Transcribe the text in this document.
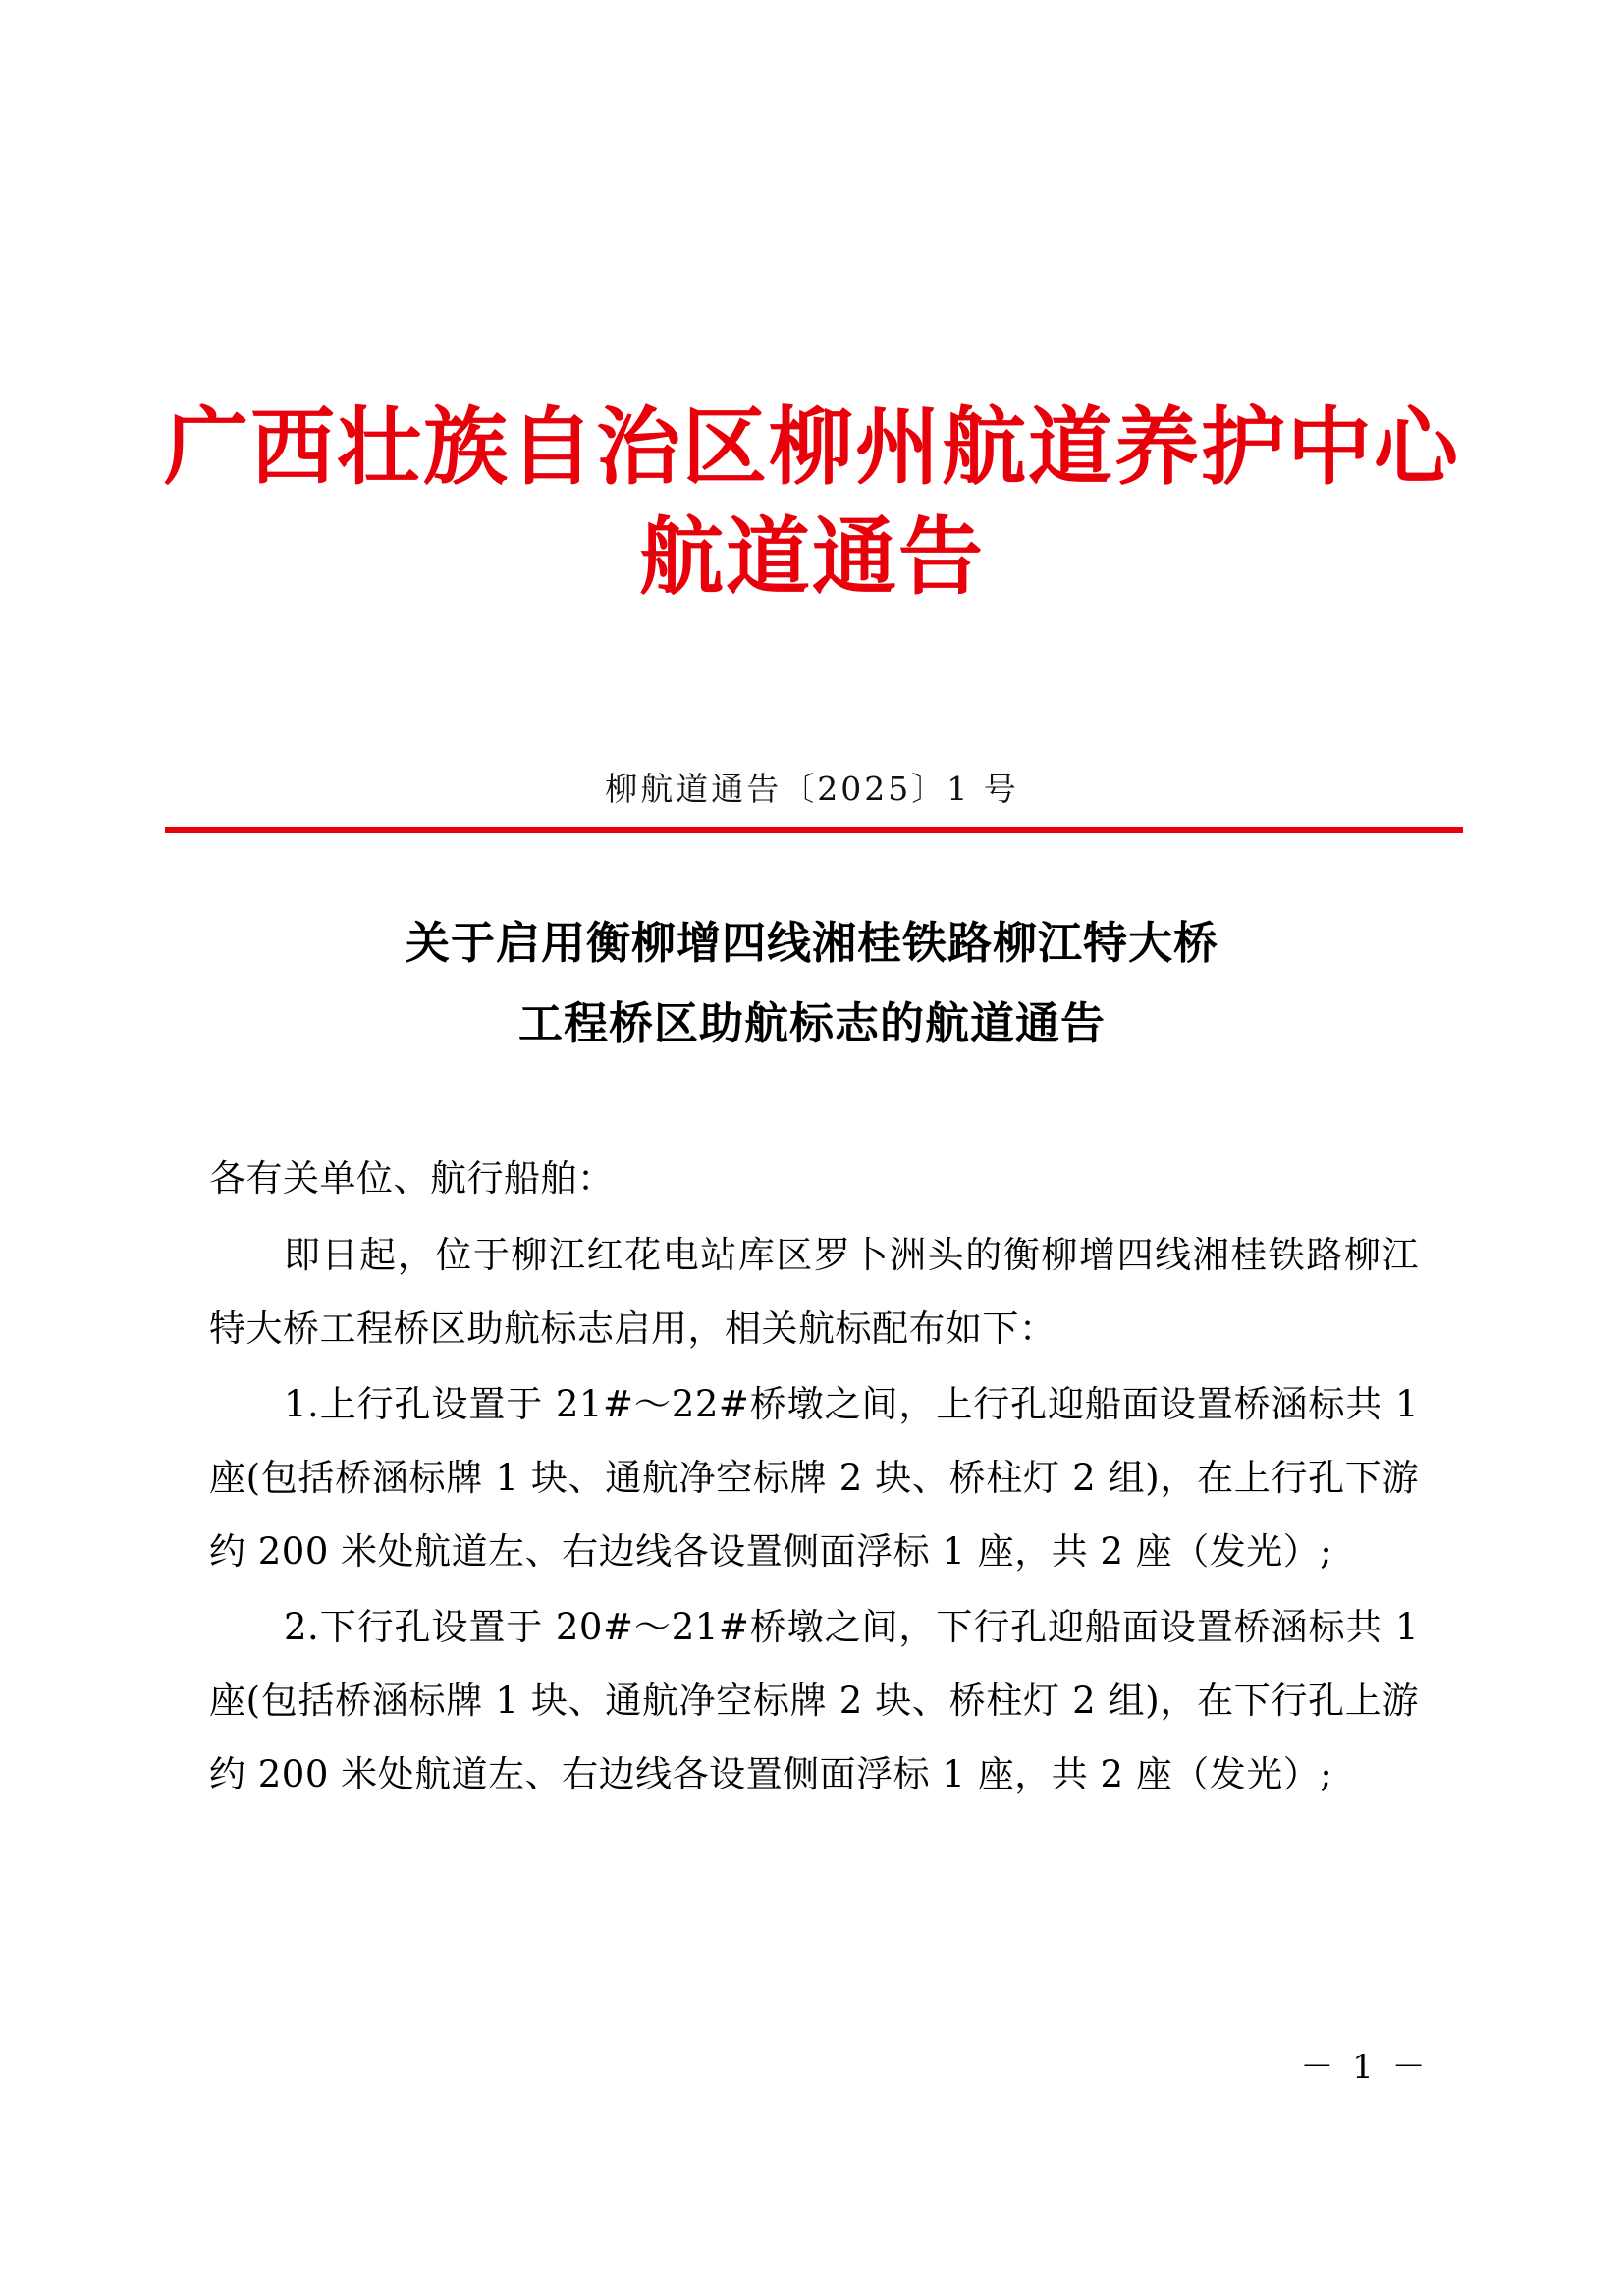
广西壮族自治区柳州航道养护中心
航道通告
柳航道通告〔2025〕1 号
关于启用衡柳增四线湘桂铁路柳江特大桥
工程桥区助航标志的航道通告

各有关单位、航行船舶：

即日起，位于柳江红花电站库区罗卜洲头的衡柳增四线湘桂铁路柳江特大桥工程桥区助航标志启用，相关航标配布如下：

1.上行孔设置于 21#～22#桥墩之间，上行孔迎船面设置桥涵标共 1 座(包括桥涵标牌 1 块、通航净空标牌 2 块、桥柱灯 2 组)，在上行孔下游约 200 米处航道左、右边线各设置侧面浮标 1 座，共 2 座（发光）;

2.下行孔设置于 20#～21#桥墩之间，下行孔迎船面设置桥涵标共 1 座(包括桥涵标牌 1 块、通航净空标牌 2 块、桥柱灯 2 组)，在下行孔上游约 200 米处航道左、右边线各设置侧面浮标 1 座，共 2 座（发光）;

－ 1 －
